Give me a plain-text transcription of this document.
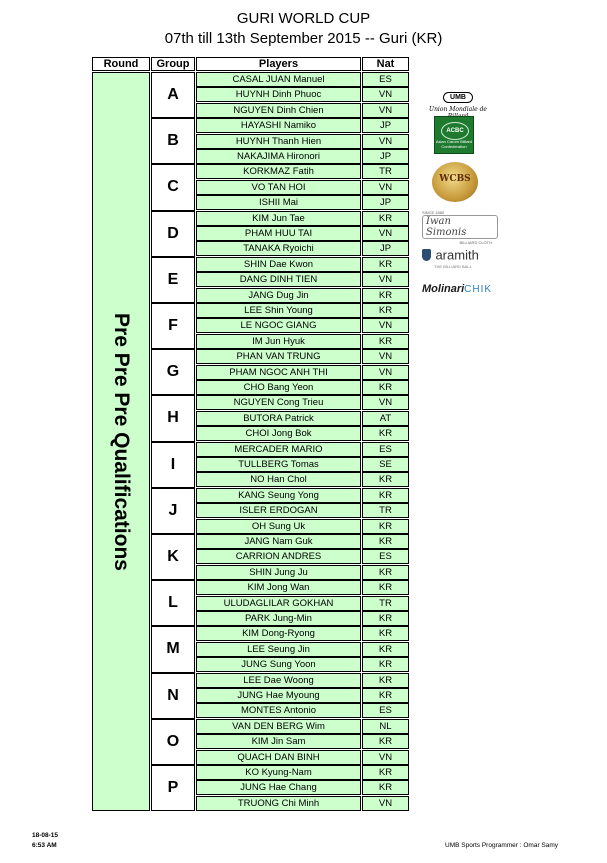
GURI WORLD CUP
07th till 13th September 2015 -- Guri (KR)
Round	Group	Players	Nat
Pre Pre Pre Qualifications
A
CASAL JUAN Manuel	ES
HUYNH Dinh Phuoc	VN
NGUYEN Dinh Chien	VN
B
HAYASHI Namiko	JP
HUYNH Thanh Hien	VN
NAKAJIMA Hironori	JP
C
KORKMAZ Fatih	TR
VO TAN HOI	VN
ISHII Mai	JP
D
KIM Jun Tae	KR
PHAM HUU TAI	VN
TANAKA Ryoichi	JP
E
SHIN Dae Kwon	KR
DANG DINH TIEN	VN
JANG Dug Jin	KR
F
LEE Shin Young	KR
LE NGOC GIANG	VN
IM Jun Hyuk	KR
G
PHAN VAN TRUNG	VN
PHAM NGOC ANH THI	VN
CHO Bang Yeon	KR
H
NGUYEN Cong Trieu	VN
BUTORA Patrick	AT
CHOI Jong Bok	KR
I
MERCADER MARIO	ES
TULLBERG Tomas	SE
NO Han Chol	KR
J
KANG Seung Yong	KR
ISLER ERDOGAN	TR
OH Sung Uk	KR
K
JANG Nam Guk	KR
CARRION ANDRES	ES
SHIN Jung Ju	KR
L
KIM Jong Wan	KR
ULUDAGLILAR GOKHAN	TR
PARK Jung-Min	KR
M
KIM Dong-Ryong	KR
LEE Seung Jin	KR
JUNG Sung Yoon	KR
N
LEE Dae Woong	KR
JUNG Hae Myoung	KR
MONTES Antonio	ES
O
VAN DEN BERG Wim	NL
KIM Jin Sam	KR
QUACH DAN BINH	VN
P
KO Kyung-Nam	KR
JUNG Hae Chang	KR
TRUONG Chi Minh	VN
UMB
Union Mondiale de
ACBC
Asian Carom Billiard Confederation
WCBS
SINCE 1880
Iwan Simonis
BILLIARD CLOTH
aramith
THE BILLIARD BALL
MolinariCHIK
18-08-15
6:53 AM	UMB Sports Programmer : Omar Samy
